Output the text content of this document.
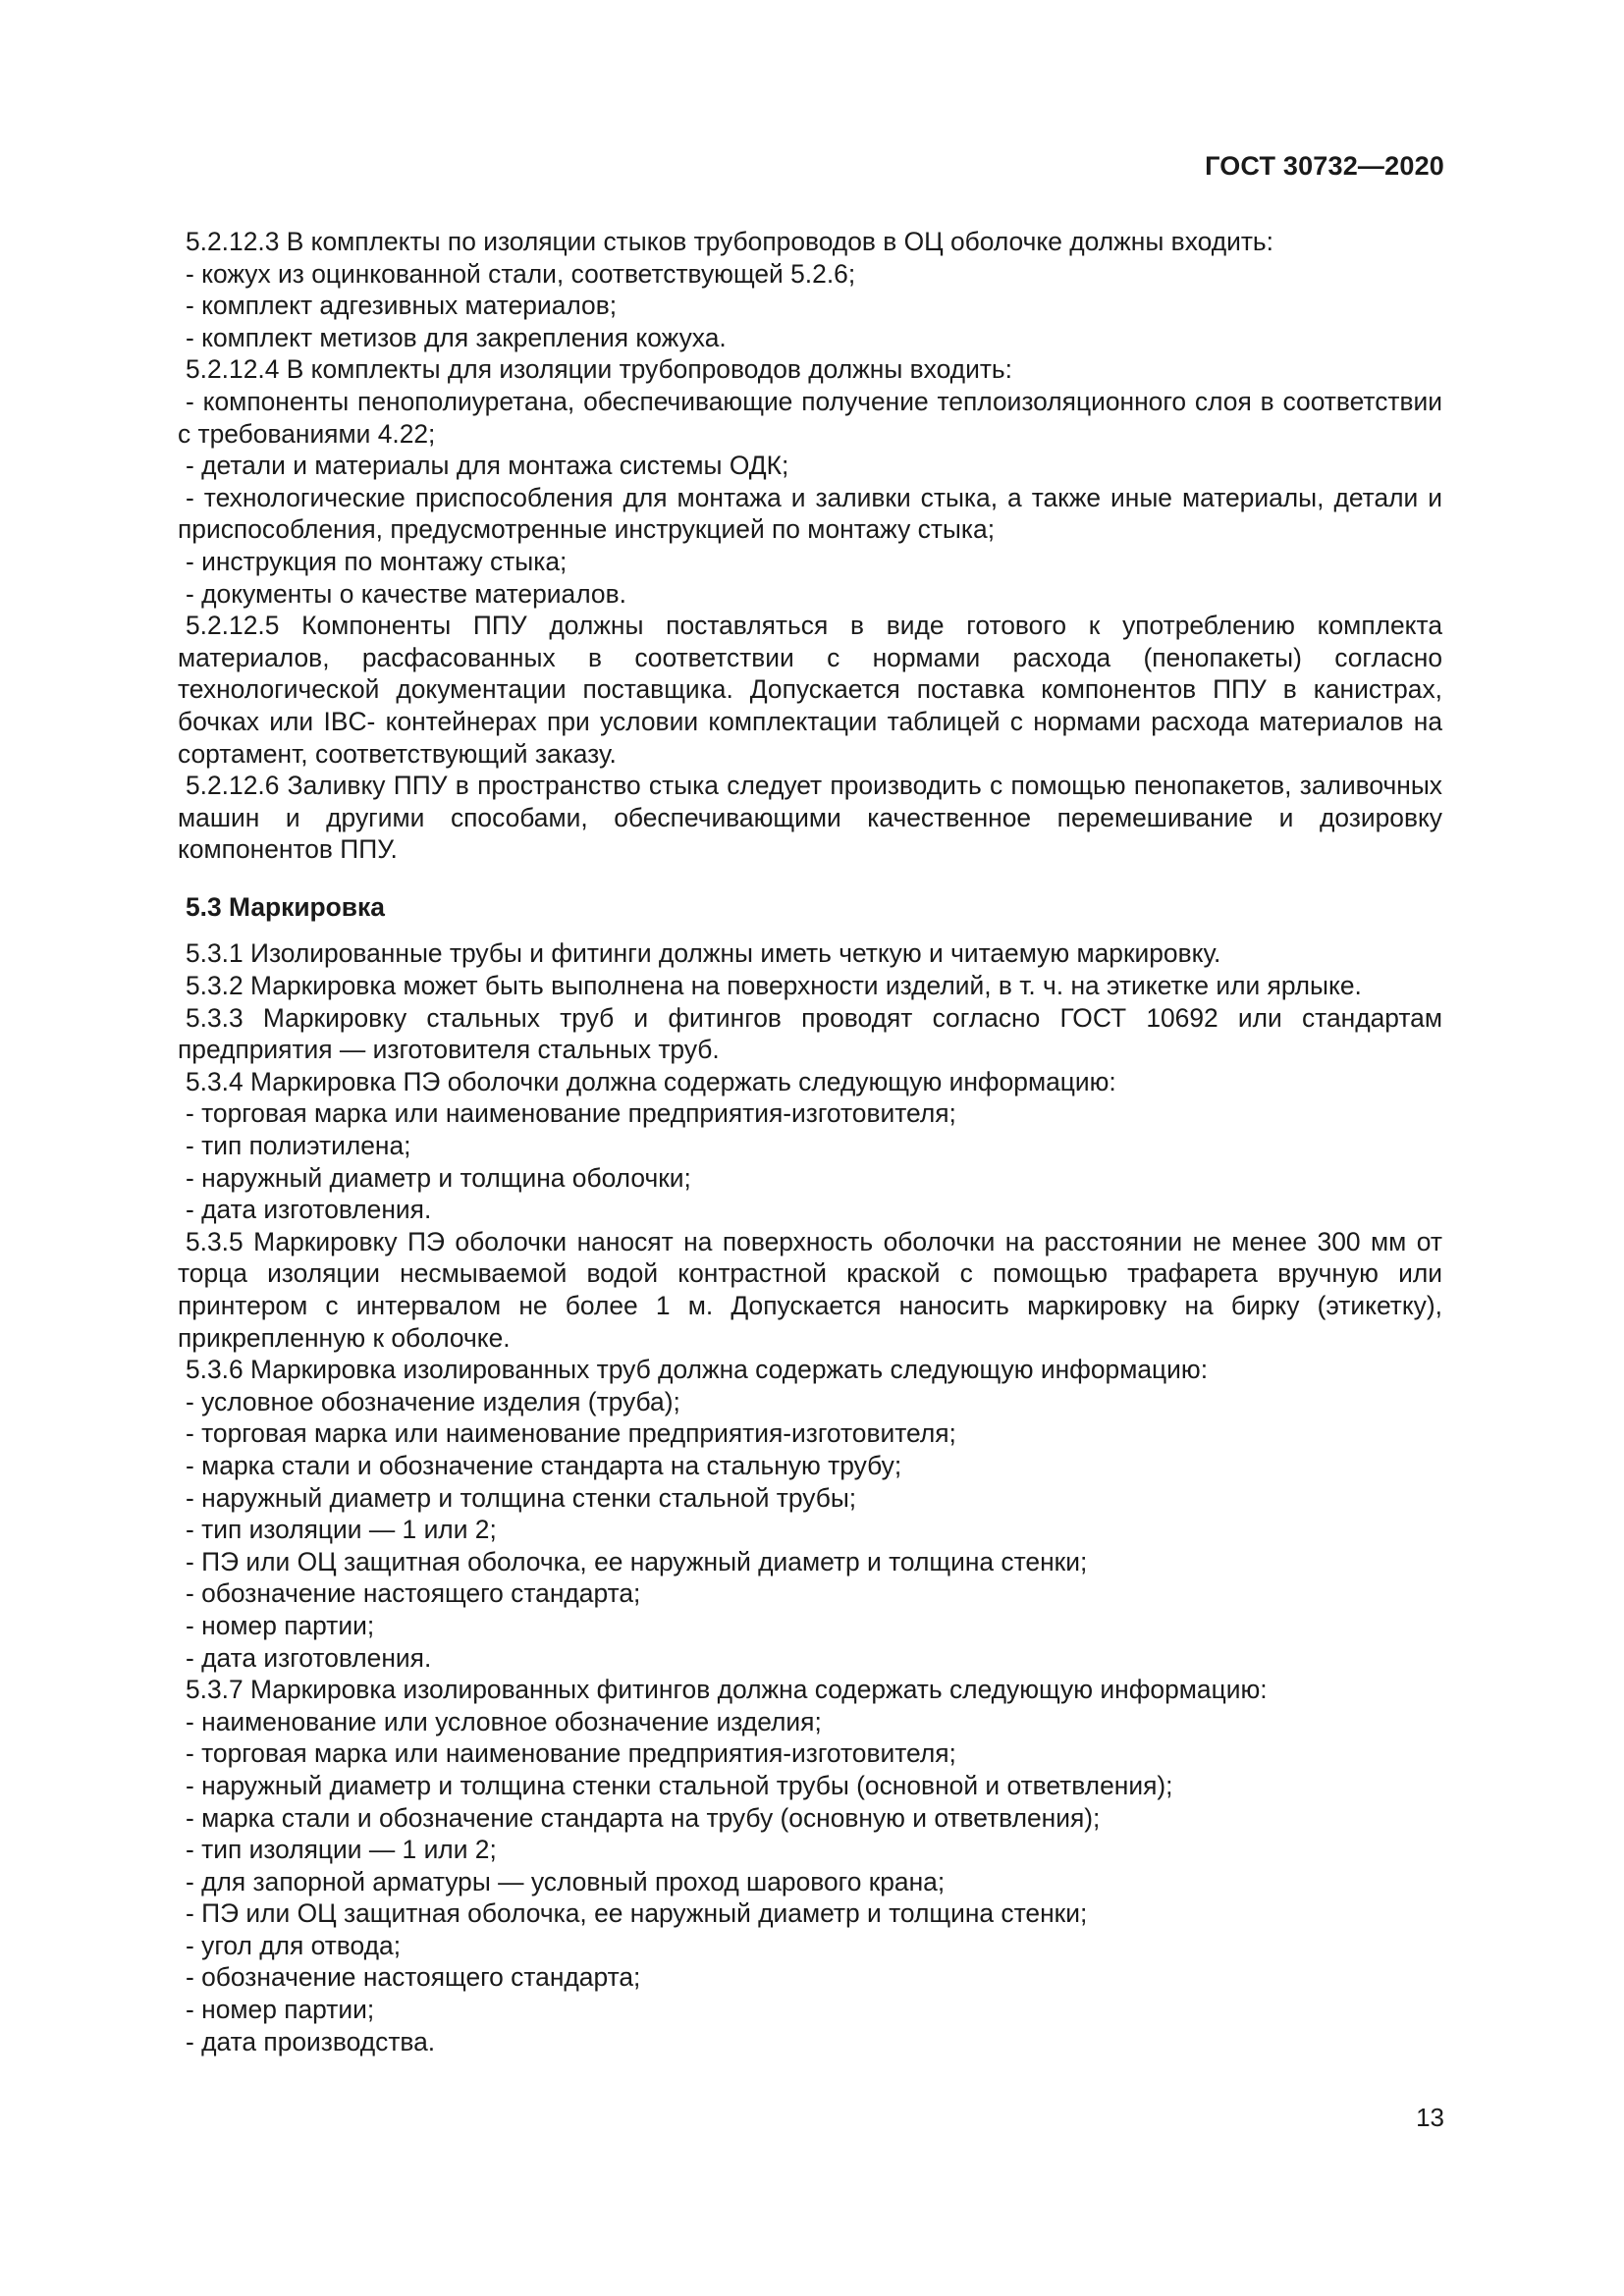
ГОСТ 30732—2020

5.2.12.3 В комплекты по изоляции стыков трубопроводов в ОЦ оболочке должны входить:

- кожух из оцинкованной стали, соответствующей 5.2.6;

- комплект адгезивных материалов;

- комплект метизов для закрепления кожуха.

5.2.12.4 В комплекты для изоляции трубопроводов должны входить:

- компоненты пенополиуретана, обеспечивающие получение теплоизоляционного слоя в соответствии с требованиями 4.22;

- детали и материалы для монтажа системы ОДК;

- технологические приспособления для монтажа и заливки стыка, а также иные материалы, детали и приспособления, предусмотренные инструкцией по монтажу стыка;

- инструкция по монтажу стыка;

- документы о качестве материалов.

5.2.12.5 Компоненты ППУ должны поставляться в виде готового к употреблению комплекта материалов, расфасованных в соответствии с нормами расхода (пенопакеты) согласно технологической документации поставщика. Допускается поставка компонентов ППУ в канистрах, бочках или IBC- контейнерах при условии комплектации таблицей с нормами расхода материалов на сортамент, соответствующий заказу.

5.2.12.6 Заливку ППУ в пространство стыка следует производить с помощью пенопакетов, заливочных машин и другими способами, обеспечивающими качественное перемешивание и дозировку компонентов ППУ.

5.3 Маркировка

5.3.1 Изолированные трубы и фитинги должны иметь четкую и читаемую маркировку.

5.3.2 Маркировка может быть выполнена на поверхности изделий, в т. ч. на этикетке или ярлыке.

5.3.3 Маркировку стальных труб и фитингов проводят согласно ГОСТ 10692 или стандартам предприятия — изготовителя стальных труб.

5.3.4 Маркировка ПЭ оболочки должна содержать следующую информацию:

- торговая марка или наименование предприятия-изготовителя;

- тип полиэтилена;

- наружный диаметр и толщина оболочки;

- дата изготовления.

5.3.5 Маркировку ПЭ оболочки наносят на поверхность оболочки на расстоянии не менее 300 мм от торца изоляции несмываемой водой контрастной краской с помощью трафарета вручную или принтером с интервалом не более 1 м. Допускается наносить маркировку на бирку (этикетку), прикрепленную к оболочке.

5.3.6 Маркировка изолированных труб должна содержать следующую информацию:

- условное обозначение изделия (труба);

- торговая марка или наименование предприятия-изготовителя;

- марка стали и обозначение стандарта на стальную трубу;

- наружный диаметр и толщина стенки стальной трубы;

- тип изоляции — 1 или 2;

- ПЭ или ОЦ защитная оболочка, ее наружный диаметр и толщина стенки;

- обозначение настоящего стандарта;

- номер партии;

- дата изготовления.

5.3.7 Маркировка изолированных фитингов должна содержать следующую информацию:

- наименование или условное обозначение изделия;

- торговая марка или наименование предприятия-изготовителя;

- наружный диаметр и толщина стенки стальной трубы (основной и ответвления);

- марка стали и обозначение стандарта на трубу (основную и ответвления);

- тип изоляции — 1 или 2;

- для запорной арматуры — условный проход шарового крана;

- ПЭ или ОЦ защитная оболочка, ее наружный диаметр и толщина стенки;

- угол для отвода;

- обозначение настоящего стандарта;

- номер партии;

- дата производства.

13
